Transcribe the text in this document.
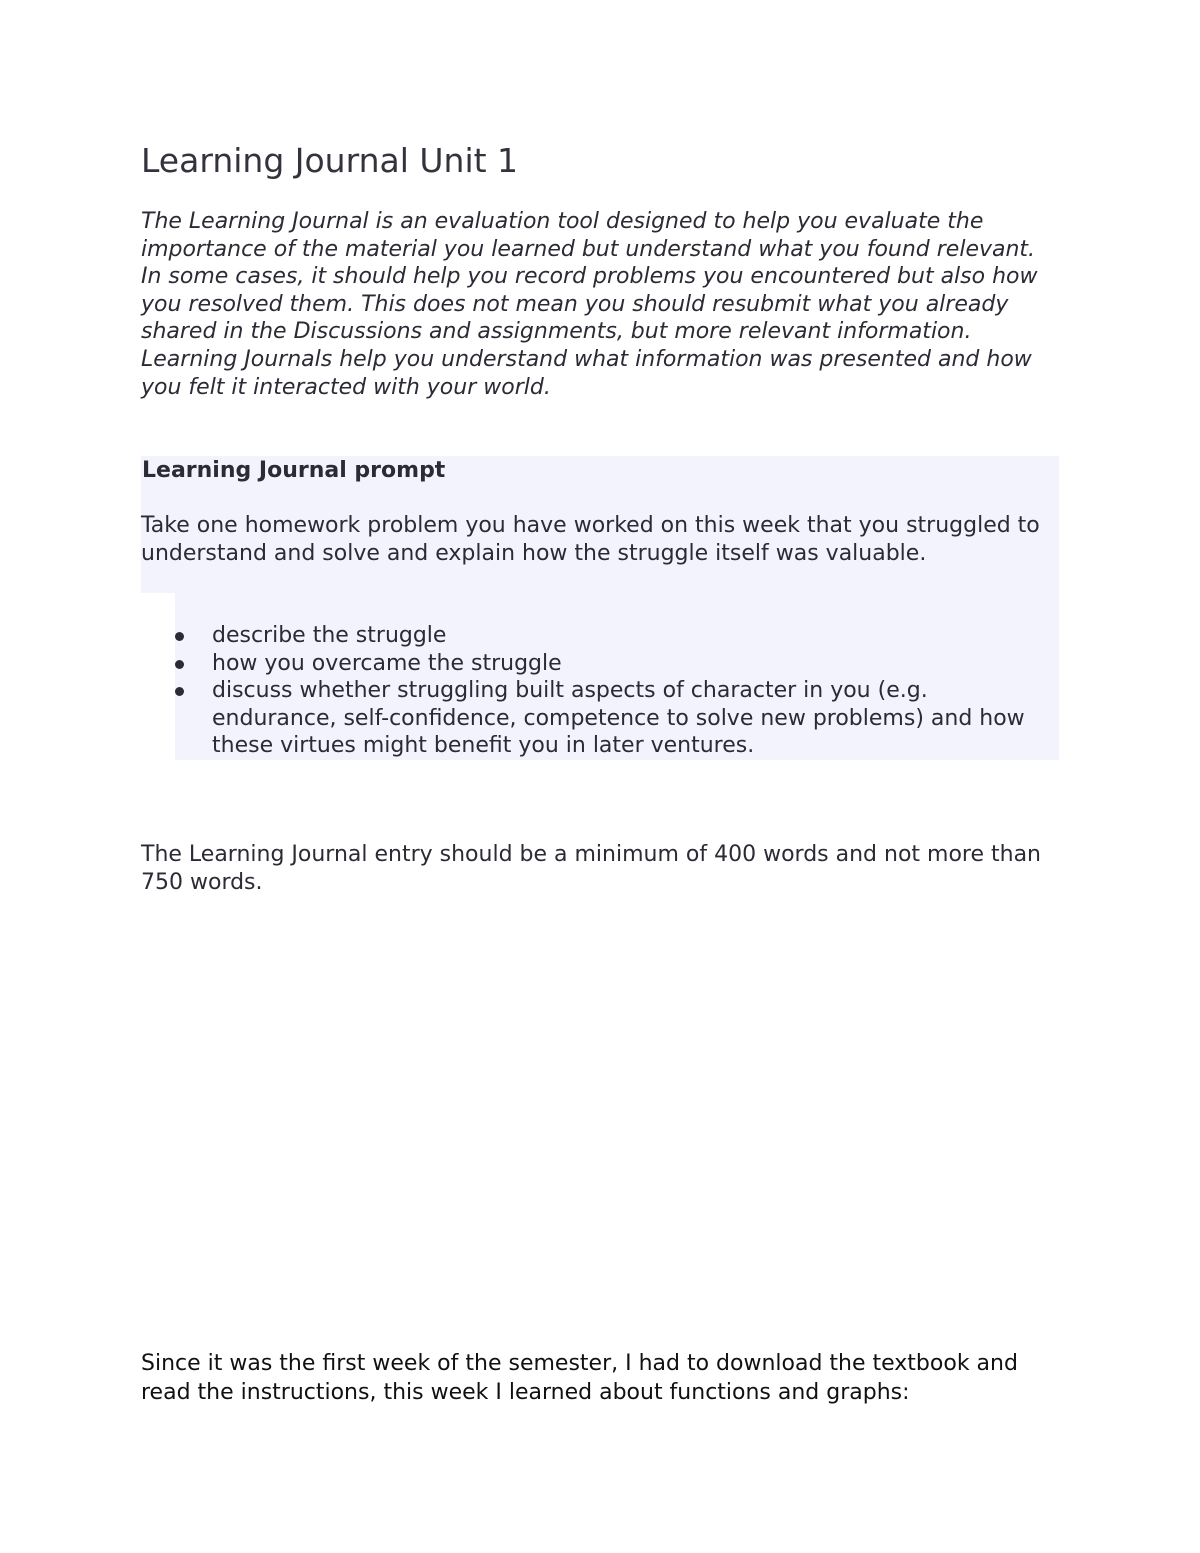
Learning Journal Unit 1

The Learning Journal is an evaluation tool designed to help you evaluate the importance of the material you learned but understand what you found relevant. In some cases, it should help you record problems you encountered but also how you resolved them. This does not mean you should resubmit what you already shared in the Discussions and assignments, but more relevant information. Learning Journals help you understand what information was presented and how you felt it interacted with your world.

Learning Journal prompt

Take one homework problem you have worked on this week that you struggled to understand and solve and explain how the struggle itself was valuable.

describe the struggle
how you overcame the struggle
discuss whether struggling built aspects of character in you (e.g. endurance, self-confidence, competence to solve new problems) and how these virtues might benefit you in later ventures.

The Learning Journal entry should be a minimum of 400 words and not more than 750 words.

Since it was the first week of the semester, I had to download the textbook and read the instructions, this week I learned about functions and graphs:
